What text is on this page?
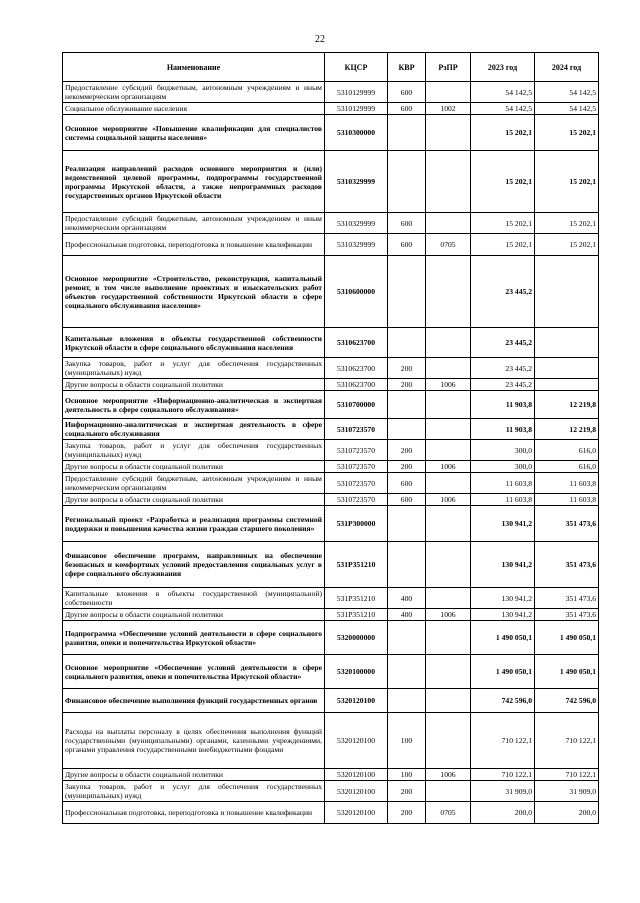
22
Наименование	КЦСР	КВР	РзПР	2023 год	2024 год
Предоставление субсидий бюджетным, автономным учреждениям и иным некоммерческим организациям	5310129999	600		54 142,5	54 142,5
Социальное обслуживание населения	5310129999	600	1002	54 142,5	54 142,5
Основное мероприятие «Повышение квалификации для специалистов системы социальной защиты населения»	5310300000			15 202,1	15 202,1
Реализация направлений расходов основного мероприятия и (или) ведомственной целевой программы, подпрограммы государственной программы Иркутской области, а также непрограммных расходов государственных органов Иркутской области	5310329999			15 202,1	15 202,1
Предоставление субсидий бюджетным, автономным учреждениям и иным некоммерческим организациям	5310329999	600		15 202,1	15 202,1
Профессиональная подготовка, переподготовка и повышение квалификации	5310329999	600	0705	15 202,1	15 202,1
Основное мероприятие «Строительство, реконструкция, капитальный ремонт, в том числе выполнение проектных и изыскательских работ объектов государственной собственности Иркутской области в сфере социального обслуживания населения»	5310600000			23 445,2	
Капитальные вложения в объекты государственной собственности Иркутской области в сфере социального обслуживания населения	5310623700			23 445,2	
Закупка товаров, работ и услуг для обеспечения государственных (муниципальных) нужд	5310623700	200		23 445,2	
Другие вопросы в области социальной политики	5310623700	200	1006	23 445,2	
Основное мероприятие «Информационно-аналитическая и экспертная деятельность в сфере социального обслуживания»	5310700000			11 903,8	12 219,8
Информационно-аналитическая и экспертная деятельность в сфере социального обслуживания	5310723570			11 903,8	12 219,8
Закупка товаров, работ и услуг для обеспечения государственных (муниципальных) нужд	5310723570	200		300,0	616,0
Другие вопросы в области социальной политики	5310723570	200	1006	300,0	616,0
Предоставление субсидий бюджетным, автономным учреждениям и иным некоммерческим организациям	5310723570	600		11 603,8	11 603,8
Другие вопросы в области социальной политики	5310723570	600	1006	11 603,8	11 603,8
Региональный проект «Разработка и реализация программы системной поддержки и повышения качества жизни граждан старшего поколения»	531P300000			130 941,2	351 473,6
Финансовое обеспечение программ, направленных на обеспечение безопасных и комфортных условий предоставления социальных услуг в сфере социального обслуживания	531P351210			130 941,2	351 473,6
Капитальные вложения в объекты государственной (муниципальной) собственности	531P351210	400		130 941,2	351 473,6
Другие вопросы в области социальной политики	531P351210	400	1006	130 941,2	351 473,6
Подпрограмма «Обеспечение условий деятельности в сфере социального развития, опеки и попечительства Иркутской области»	5320000000			1 490 050,1	1 490 050,1
Основное мероприятие «Обеспечение условий деятельности в сфере социального развития, опеки и попечительства Иркутской области»	5320100000			1 490 050,1	1 490 050,1
Финансовое обеспечение выполнения функций государственных органов	5320120100			742 596,0	742 596,0
Расходы на выплаты персоналу в целях обеспечения выполнения функций государственными (муниципальными) органами, казенными учреждениями, органами управления государственными внебюджетными фондами	5320120100	100		710 122,1	710 122,1
Другие вопросы в области социальной политики	5320120100	100	1006	710 122,1	710 122,1
Закупка товаров, работ и услуг для обеспечения государственных (муниципальных) нужд	5320120100	200		31 909,0	31 909,0
Профессиональная подготовка, переподготовка и повышение квалификации	5320120100	200	0705	200,0	200,0
